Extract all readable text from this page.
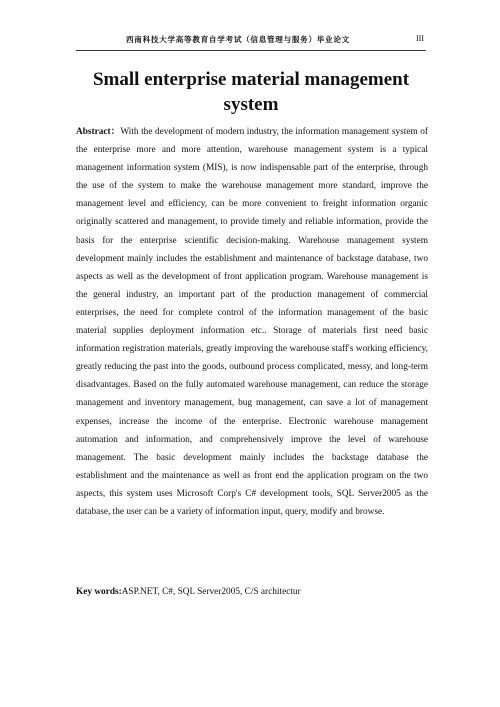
西南科技大学高等教育自学考试（信息管理与服务）毕业论文	III
Small enterprise material management system

Abstract：With the development of modern industry, the information management system of the enterprise more and more attention, warehouse management system is a typical management information system (MIS), is now indispensable part of the enterprise, through the use of the system to make the warehouse management more standard, improve the management level and efficiency, can be more convenient to freight information organic originally scattered and management, to provide timely and reliable information, provide the basis for the enterprise scientific decision-making. Warehouse management system development mainly includes the establishment and maintenance of backstage database, two aspects as well as the development of front application program. Warehouse management is the general industry, an important part of the production management of commercial enterprises, the need for complete control of the information management of the basic material supplies deployment information etc.. Storage of materials first need basic information registration materials, greatly improving the warehouse staff's working efficiency, greatly reducing the past into the goods, outbound process complicated, messy, and long-term disadvantages. Based on the fully automated warehouse management, can reduce the storage management and inventory management, bug management, can save a lot of management expenses, increase the income of the enterprise. Electronic warehouse management automation and information, and comprehensively improve the level of warehouse management. The basic development mainly includes the backstage database the establishment and the maintenance as well as front end the application program on the two aspects, this system uses Microsoft Corp's C# development tools, SQL Server2005 as the database, the user can be a variety of information input, query, modify and browse.

Key words:ASP.NET, C#, SQL Server2005, C/S architectur
